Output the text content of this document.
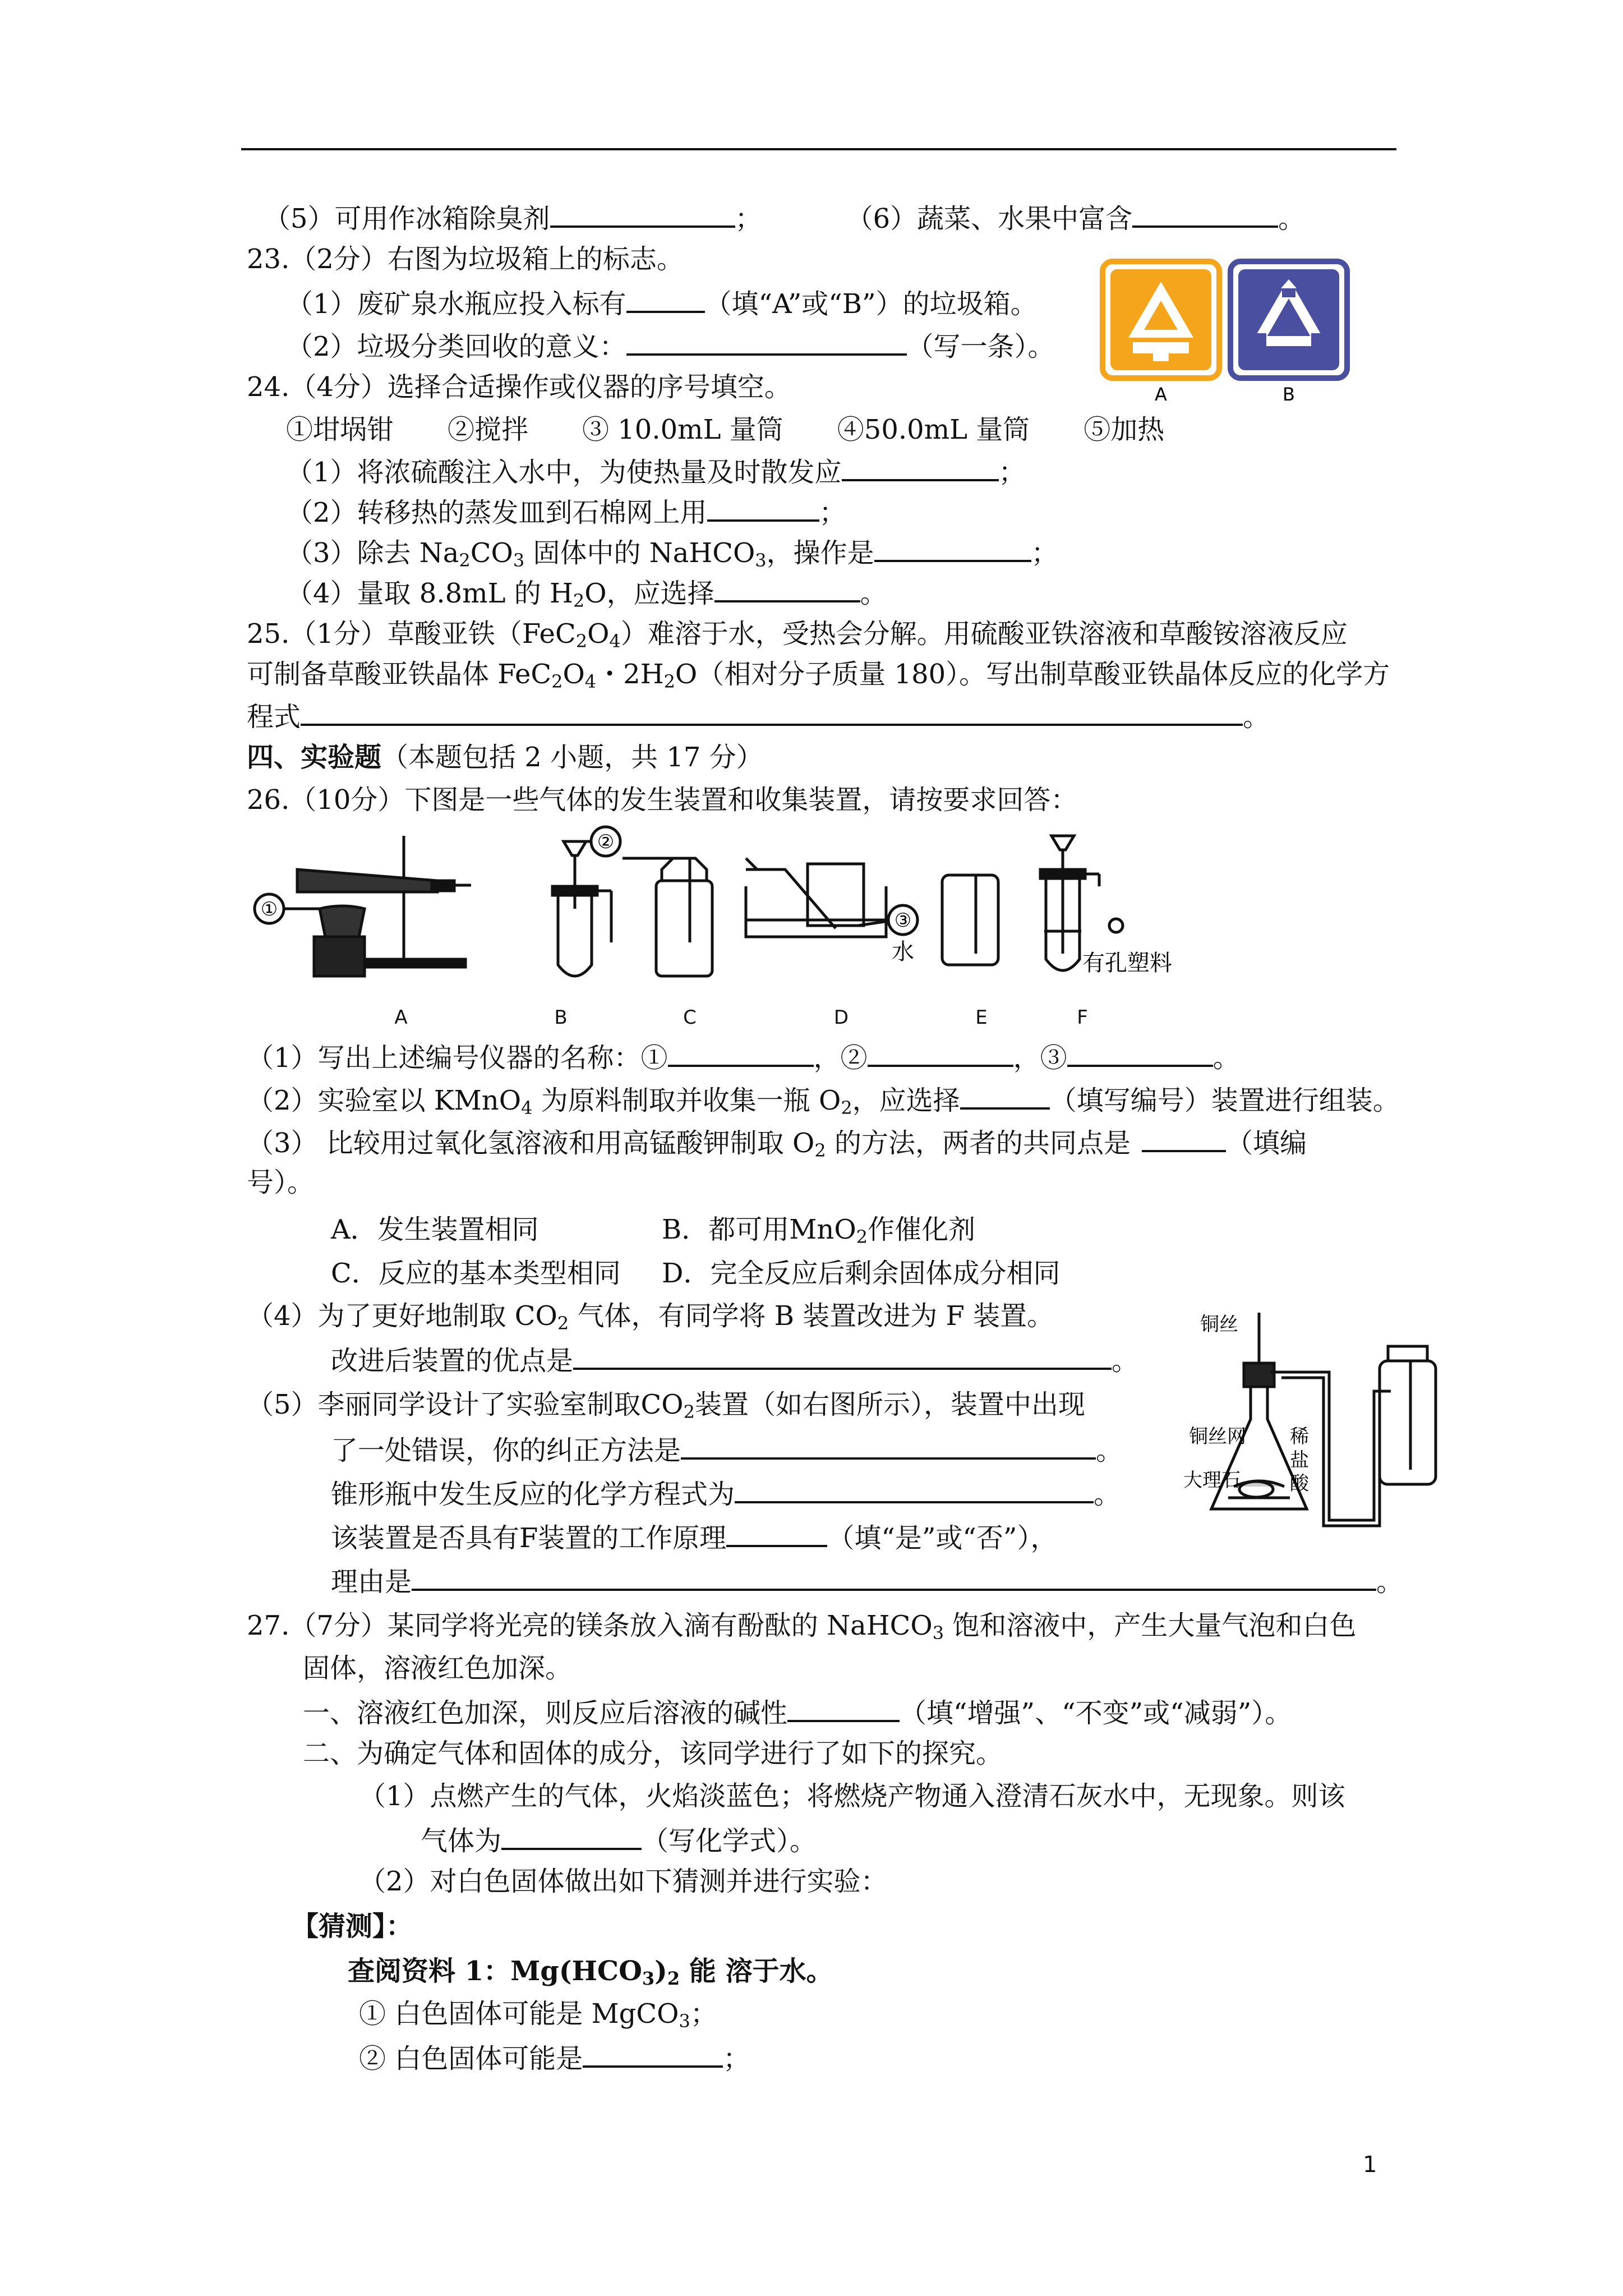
（5）可用作冰箱除臭剂	；	（6）蔬菜、水果中富含	。
23.（2分）右图为垃圾箱上的标志。
（1）废矿泉水瓶应投入标有	（填“A”或“B”）的垃圾箱。
（2）垃圾分类回收的意义：	（写一条）。
A	B
24.（4分）选择合适操作或仪器的序号填空。
①坩埚钳　　②搅拌　　③ 10.0mL 量筒　　④50.0mL 量筒　　⑤加热
（1）将浓硫酸注入水中，为使热量及时散发应	；
（2）转移热的蒸发皿到石棉网上用	；
（3）除去 $Na_2CO_3$ 固体中的 NaHCO$_3$，操作是	；
（4）量取 8.8mL 的 $H_2O$，应选择	。
25.（1分）草酸亚铁$(FeC_2O_4)$难溶于水，受热会分解。用硫酸亚铁溶液和草酸铵溶液反应
可制备草酸亚铁晶体 $FeC_2O_4$・$2H_2O$（相对分子质量 180）。写出制草酸亚铁晶体反应的化学方
程式	。
四、实验题（本题包括 2 小题，共 17 分）
26.（10分）下图是一些气体的发生装置和收集装置，请按要求回答：
①
②
③
水	有孔塑料
A	B	C	D	E	F
（1）写出上述编号仪器的名称：①	，②	，③	。
（2）实验室以 KMnO$_4$ 为原料制取并收集一瓶 $O_2$，应选择	（填写编号）装置进行组装。
（3） 比较用过氧化氢溶液和用高锰酸钾制取 $O_2$ 的方法，两者的共同点是	（填编
号）。
A．发生装置相同	B．都可用MnO$_2$作催化剂
C．反应的基本类型相同 D．完全反应后剩余固体成分相同
（4）为了更好地制取 $CO_2$ 气体，有同学将 B 装置改进为 F 装置。
改进后装置的优点是	。
（5）李丽同学设计了实验室制取$CO_2$装置（如右图所示），装置中出现
了一处错误，你的纠正方法是	。
锥形瓶中发生反应的化学方程式为	。
该装置是否具有F装置的工作原理	（填“是”或“否”），
理由是	。
铜丝
铜丝网
大理石
稀
盐
酸
27.（7分）某同学将光亮的镁条放入滴有酚酞的 NaHCO$_3$ 饱和溶液中，产生大量气泡和白色
固体，溶液红色加深。
一、溶液红色加深，则反应后溶液的碱性	（填“增强”、“不变”或“减弱”）。
二、为确定气体和固体的成分，该同学进行了如下的探究。
（1）点燃产生的气体，火焰淡蓝色；将燃烧产物通入澄清石灰水中，无现象。则该
气体为	（写化学式）。
（2）对白色固体做出如下猜测并进行实验：
【猜测】：
查阅资料 1：$Mg(HCO_3)_2$ 能 溶于水。
① 白色固体可能是 MgCO$_3$；
② 白色固体可能是	；
1
